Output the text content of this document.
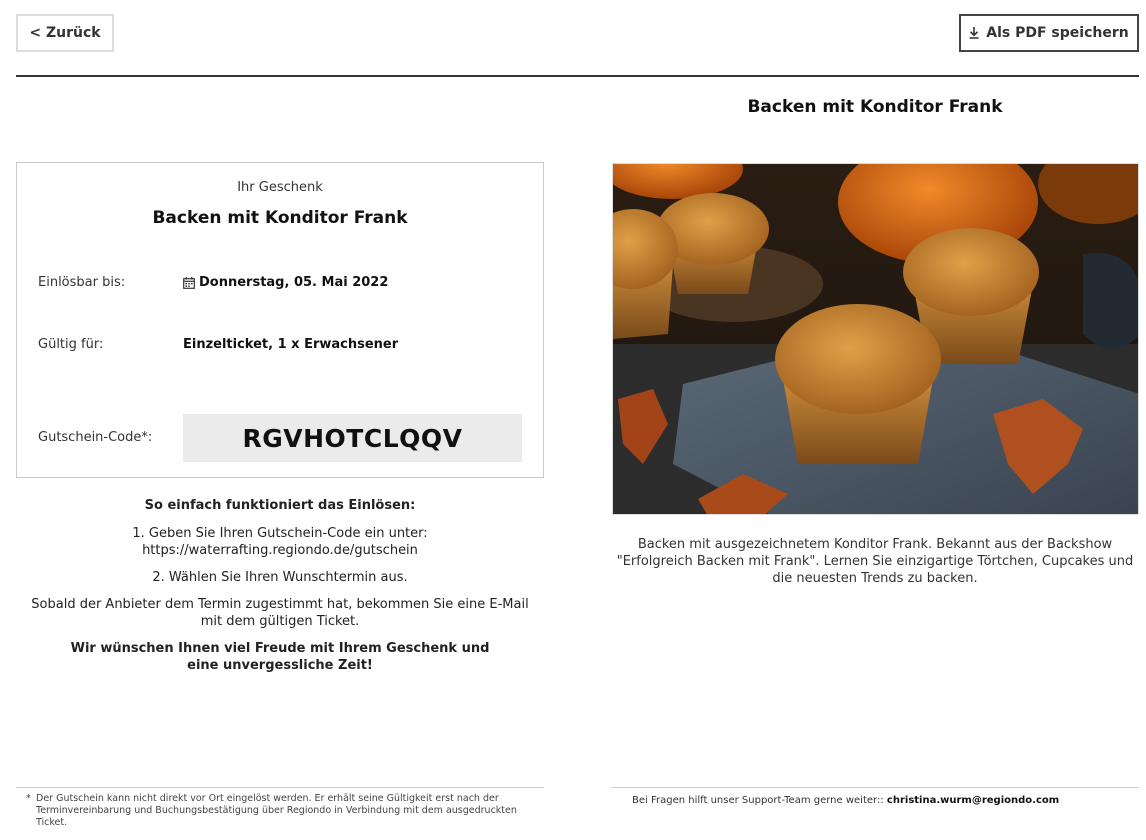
< Zurück	Als PDF speichern
Backen mit Konditor Frank
Ihr Geschenk
Backen mit Konditor Frank
Einlösbar bis:	Donnerstag, 05. Mai 2022
Gültig für:	Einzelticket, 1 x Erwachsener
Gutschein-Code*:	RGVHOTCLQQV
So einfach funktioniert das Einlösen:

1. Geben Sie Ihren Gutschein-Code ein unter:
https://waterrafting.regiondo.de/gutschein

2. Wählen Sie Ihren Wunschtermin aus.

Sobald der Anbieter dem Termin zugestimmt hat, bekommen Sie eine E-Mail mit dem gültigen Ticket.

Wir wünschen Ihnen viel Freude mit Ihrem Geschenk und
eine unvergessliche Zeit!

Backen mit ausgezeichnetem Konditor Frank. Bekannt aus der Backshow "Erfolgreich Backen mit Frank". Lernen Sie einzigartige Törtchen, Cupcakes und die neuesten Trends zu backen.
* Der Gutschein kann nicht direkt vor Ort eingelöst werden. Er erhält seine Gültigkeit erst nach der Terminvereinbarung und Buchungsbestätigung über Regiondo in Verbindung mit dem ausgedruckten Ticket.
Bei Fragen hilft unser Support-Team gerne weiter:: christina.wurm@regiondo.com
